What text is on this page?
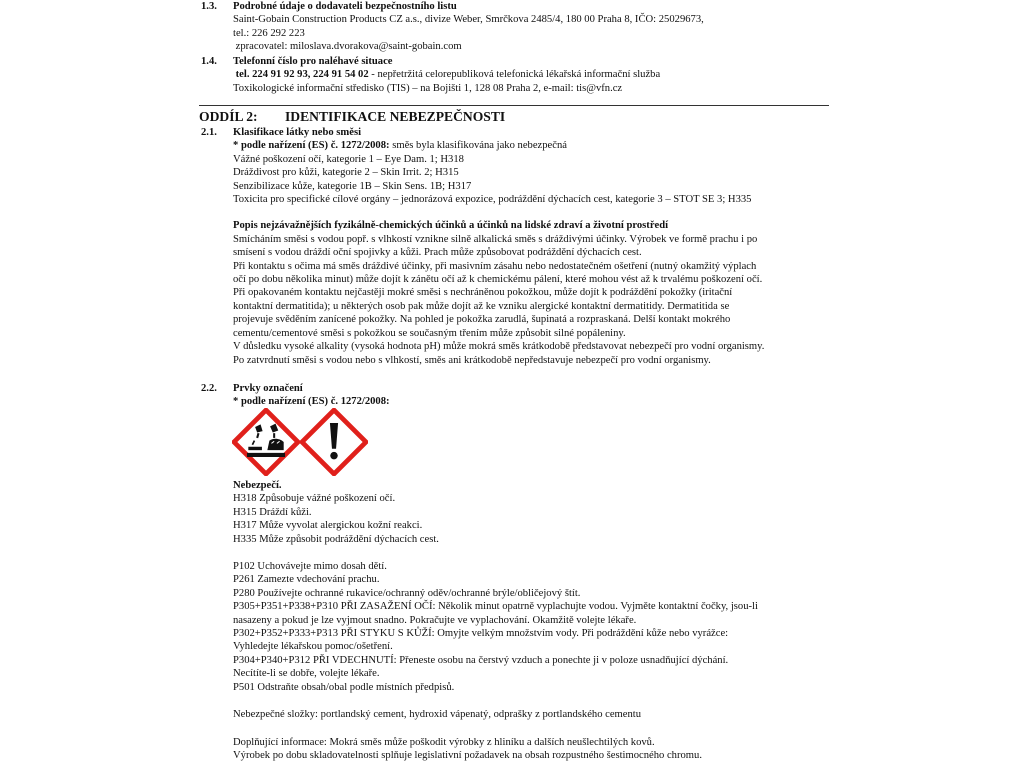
1.3. Podrobné údaje o dodavateli bezpečnostního listu
Saint-Gobain Construction Products CZ a.s., divize Weber, Smrčkova 2485/4, 180 00 Praha 8, IČO: 25029673,
tel.: 226 292 223
zpracovatel: miloslava.dvorakova@saint-gobain.com
1.4. Telefonní číslo pro naléhavé situace
tel. 224 91 92 93, 224 91 54 02 - nepřetržitá celorepubliková telefonická lékařská informační služba
Toxikologické informační středisko (TIS) – na Bojišti 1, 128 08 Praha 2, e-mail: tis@vfn.cz
ODDÍL 2: IDENTIFIKACE NEBEZPEČNOSTI
2.1. Klasifikace látky nebo směsi
* podle nařízení (ES) č. 1272/2008: směs byla klasifikována jako nebezpečná
Vážné poškození očí, kategorie 1 – Eye Dam. 1; H318
Dráždivost pro kůži, kategorie 2 – Skin Irrit. 2; H315
Senzibilizace kůže, kategorie 1B – Skin Sens. 1B; H317
Toxicita pro specifické cílové orgány – jednorázová expozice, podráždění dýchacích cest, kategorie 3 – STOT SE 3; H335
Popis nejzávažnějších fyzikálně-chemických účinků a účinků na lidské zdraví a životní prostředí
Smícháním směsi s vodou popř. s vlhkostí vznikne silně alkalická směs s dráždivými účinky. Výrobek ve formě prachu i po
smísení s vodou dráždí oční spojivky a kůži. Prach může způsobovat podráždění dýchacích cest.
Při kontaktu s očima má směs dráždivé účinky, při masivním zásahu nebo nedostatečném ošetření (nutný okamžitý výplach
očí po dobu několika minut) může dojít k zánětu očí až k chemickému pálení, které mohou vést až k trvalému poškození očí.
Při opakovaném kontaktu nejčastěji mokré směsi s nechráněnou pokožkou, může dojít k podráždění pokožky (iritační
kontaktní dermatitida); u některých osob pak může dojít až ke vzniku alergické kontaktní dermatitidy. Dermatitida se
projevuje svěděním zanícené pokožky. Na pohled je pokožka zarudlá, šupinatá a rozpraskaná. Delší kontakt mokrého
cementu/cementové směsi s pokožkou se současným třením může způsobit silné popáleniny.
V důsledku vysoké alkality (vysoká hodnota pH) může mokrá směs krátkodobě představovat nebezpečí pro vodní organismy.
Po zatvrdnutí směsi s vodou nebo s vlhkostí, směs ani krátkodobě nepředstavuje nebezpečí pro vodní organismy.
2.2. Prvky označení
* podle nařízení (ES) č. 1272/2008:
Nebezpečí.
H318 Způsobuje vážné poškození očí.
H315 Dráždí kůži.
H317 Může vyvolat alergickou kožní reakci.
H335 Může způsobit podráždění dýchacích cest.
P102 Uchovávejte mimo dosah dětí.
P261 Zamezte vdechování prachu.
P280 Používejte ochranné rukavice/ochranný oděv/ochranné brýle/obličejový štít.
P305+P351+P338+P310 PŘI ZASAŽENÍ OČÍ: Několik minut opatrně vyplachujte vodou. Vyjměte kontaktní čočky, jsou-li
nasazeny a pokud je lze vyjmout snadno. Pokračujte ve vyplachování. Okamžitě volejte lékaře.
P302+P352+P333+P313 PŘI STYKU S KŮŽÍ: Omyjte velkým množstvím vody. Při podráždění kůže nebo vyrážce:
Vyhledejte lékařskou pomoc/ošetření.
P304+P340+P312 PŘI VDECHNUTÍ: Přeneste osobu na čerstvý vzduch a ponechte ji v poloze usnadňující dýchání.
Necítíte-li se dobře, volejte lékaře.
P501 Odstraňte obsah/obal podle místních předpisů.
Nebezpečné složky: portlandský cement, hydroxid vápenatý, odprašky z portlandského cementu
Doplňující informace: Mokrá směs může poškodit výrobky z hliníku a dalších neušlechtilých kovů.
Výrobek po dobu skladovatelnosti splňuje legislativní požadavek na obsah rozpustného šestimocného chromu.
